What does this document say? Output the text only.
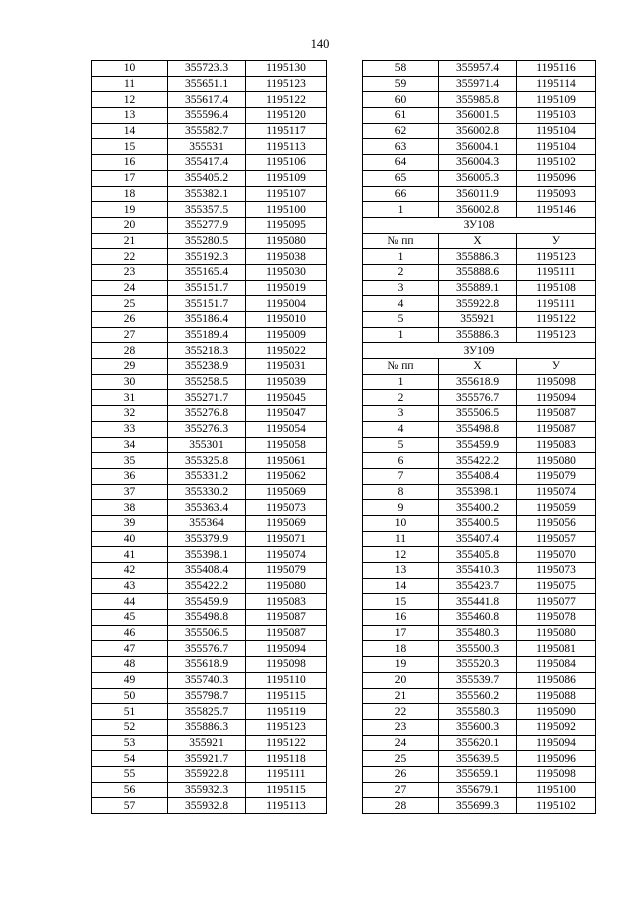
140
10	355723.3	1195130
11	355651.1	1195123
12	355617.4	1195122
13	355596.4	1195120
14	355582.7	1195117
15	355531	1195113
16	355417.4	1195106
17	355405.2	1195109
18	355382.1	1195107
19	355357.5	1195100
20	355277.9	1195095
21	355280.5	1195080
22	355192.3	1195038
23	355165.4	1195030
24	355151.7	1195019
25	355151.7	1195004
26	355186.4	1195010
27	355189.4	1195009
28	355218.3	1195022
29	355238.9	1195031
30	355258.5	1195039
31	355271.7	1195045
32	355276.8	1195047
33	355276.3	1195054
34	355301	1195058
35	355325.8	1195061
36	355331.2	1195062
37	355330.2	1195069
38	355363.4	1195073
39	355364	1195069
40	355379.9	1195071
41	355398.1	1195074
42	355408.4	1195079
43	355422.2	1195080
44	355459.9	1195083
45	355498.8	1195087
46	355506.5	1195087
47	355576.7	1195094
48	355618.9	1195098
49	355740.3	1195110
50	355798.7	1195115
51	355825.7	1195119
52	355886.3	1195123
53	355921	1195122
54	355921.7	1195118
55	355922.8	1195111
56	355932.3	1195115
57	355932.8	1195113
58	355957.4	1195116
59	355971.4	1195114
60	355985.8	1195109
61	356001.5	1195103
62	356002.8	1195104
63	356004.1	1195104
64	356004.3	1195102
65	356005.3	1195096
66	356011.9	1195093
1	356002.8	1195146
ЗУ108		
№ пп	X	У
1	355886.3	1195123
2	355888.6	1195111
3	355889.1	1195108
4	355922.8	1195111
5	355921	1195122
1	355886.3	1195123
ЗУ109		
№ пп	X	У
1	355618.9	1195098
2	355576.7	1195094
3	355506.5	1195087
4	355498.8	1195087
5	355459.9	1195083
6	355422.2	1195080
7	355408.4	1195079
8	355398.1	1195074
9	355400.2	1195059
10	355400.5	1195056
11	355407.4	1195057
12	355405.8	1195070
13	355410.3	1195073
14	355423.7	1195075
15	355441.8	1195077
16	355460.8	1195078
17	355480.3	1195080
18	355500.3	1195081
19	355520.3	1195084
20	355539.7	1195086
21	355560.2	1195088
22	355580.3	1195090
23	355600.3	1195092
24	355620.1	1195094
25	355639.5	1195096
26	355659.1	1195098
27	355679.1	1195100
28	355699.3	1195102
